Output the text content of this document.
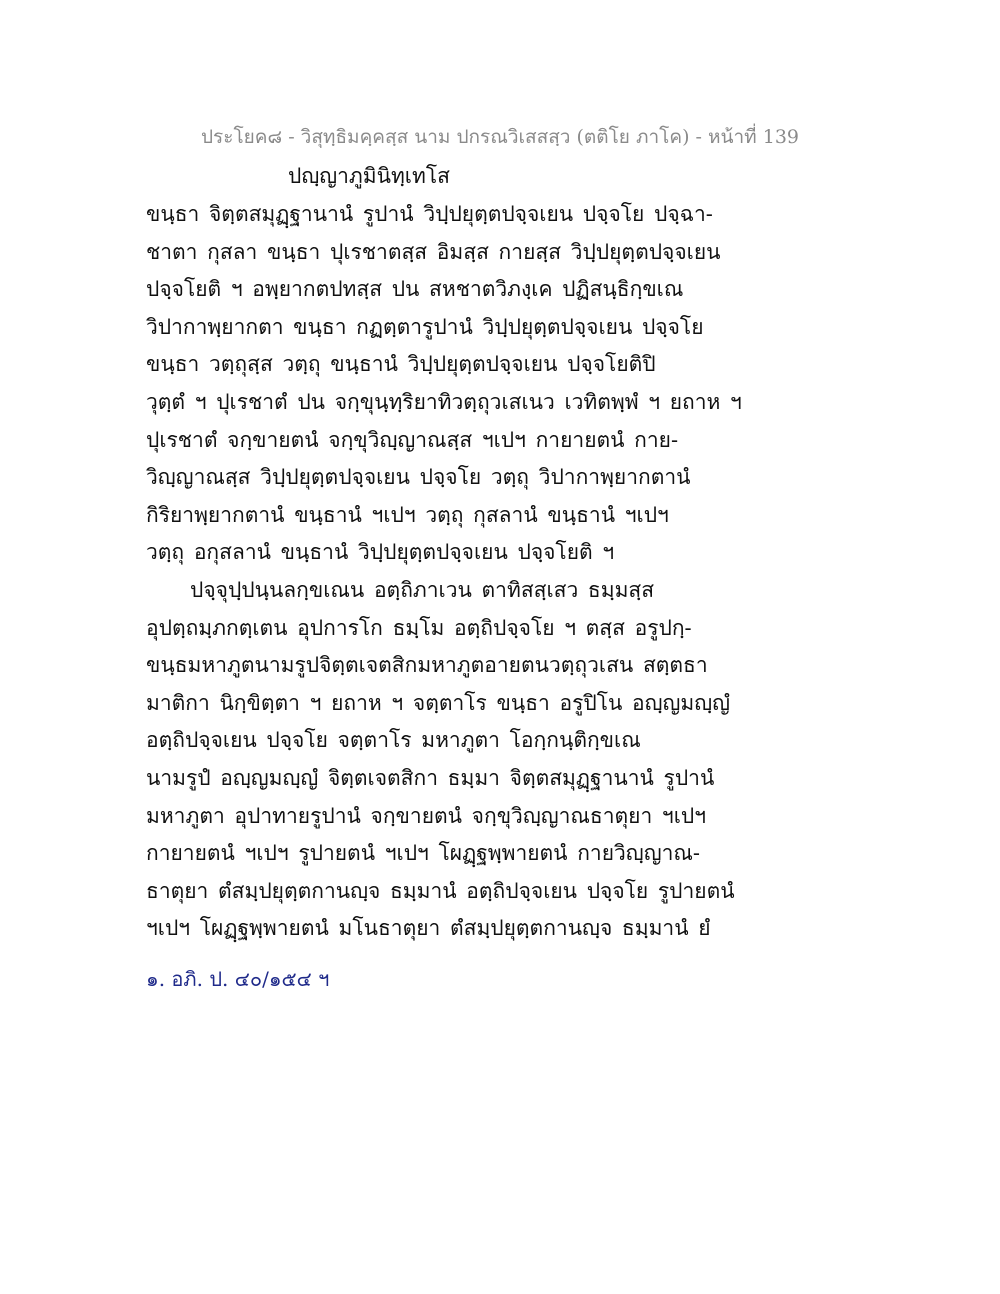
ประโยค๘ - วิสุทฺธิมคฺคสฺส นาม ปกรณวิเสสสฺว (ตติโย ภาโค) - หน้าที่ 139
ปญฺญาภูมินิทฺเทโส
ขนฺธา จิตฺตสมุฏฺฐานานํ รูปานํ วิปฺปยุตฺตปจฺจเยน ปจฺจโย ปจฺฉา-
ชาตา กุสลา ขนฺธา ปุเรชาตสฺส อิมสฺส กายสฺส วิปฺปยุตฺตปจฺจเยน
ปจฺจโยติ ฯ อพฺยากตปทสฺส ปน สหชาตวิภงฺเค ปฏิสนฺธิกฺขเณ
วิปากาพฺยากตา ขนฺธา กฏตฺตารูปานํ วิปฺปยุตฺตปจฺจเยน ปจฺจโย
ขนฺธา วตฺถุสฺส วตฺถุ ขนฺธานํ วิปฺปยุตฺตปจฺจเยน ปจฺจโยติปิ
วุตฺตํ ฯ ปุเรชาตํ ปน จกฺขุนฺทฺริยาทิวตฺถุวเสเนว เวทิตพฺพํ ฯ ยถาห ฯ
ปุเรชาตํ จกฺขายตนํ จกฺขุวิญฺญาณสฺส ฯเปฯ กายายตนํ กาย-
วิญฺญาณสฺส วิปฺปยุตฺตปจฺจเยน ปจฺจโย วตฺถุ วิปากาพฺยากตานํ
กิริยาพฺยากตานํ ขนฺธานํ ฯเปฯ วตฺถุ กุสลานํ ขนฺธานํ ฯเปฯ
วตฺถุ อกุสลานํ ขนฺธานํ วิปฺปยุตฺตปจฺจเยน ปจฺจโยติ ฯ
ปจฺจุปฺปนฺนลกฺขเณน อตฺถิภาเวน ตาทิสสฺเสว ธมฺมสฺส
อุปตฺถมฺภกตฺเตน อุปการโก ธมฺโม อตฺถิปจฺจโย ฯ ตสฺส อรูปกฺ-
ขนฺธมหาภูตนามรูปจิตฺตเจตสิกมหาภูตอายตนวตฺถุวเสน สตฺตธา
มาติกา นิกฺขิตฺตา ฯ ยถาห ฯ จตฺตาโร ขนฺธา อรูปิโน อญฺญมญฺญํ
อตฺถิปจฺจเยน ปจฺจโย จตฺตาโร มหาภูตา โอกฺกนฺติกฺขเณ
นามรูปํ อญฺญมญฺญํ จิตฺตเจตสิกา ธมฺมา จิตฺตสมุฏฺฐานานํ รูปานํ
มหาภูตา อุปาทายรูปานํ จกฺขายตนํ จกฺขุวิญฺญาณธาตุยา ฯเปฯ
กายายตนํ ฯเปฯ รูปายตนํ ฯเปฯ โผฏฺฐพฺพายตนํ กายวิญฺญาณ-
ธาตุยา ตํสมฺปยุตฺตกานญฺจ ธมฺมานํ อตฺถิปจฺจเยน ปจฺจโย รูปายตนํ
ฯเปฯ โผฏฺฐพฺพายตนํ มโนธาตุยา ตํสมฺปยุตฺตกานญฺจ ธมฺมานํ ยํ
๑. อภิ. ป. ๔๐/๑๕๔ ฯ
